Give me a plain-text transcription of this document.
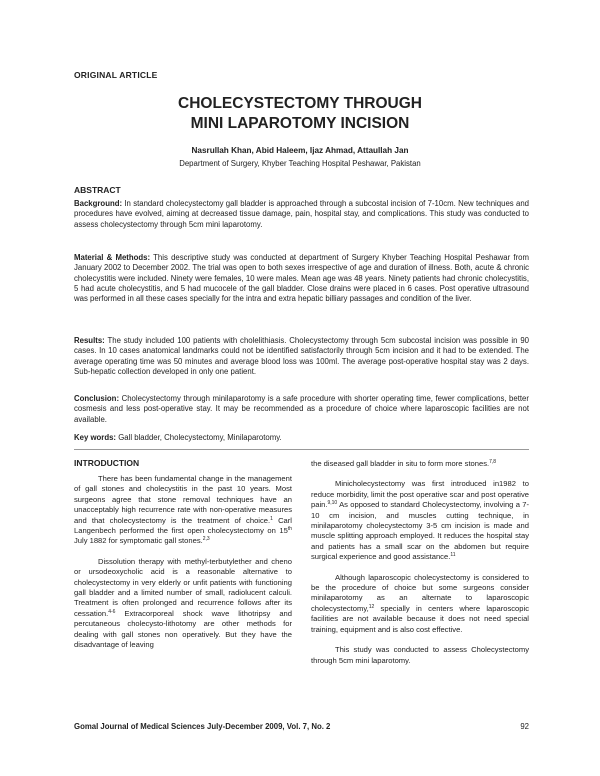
ORIGINAL ARTICLE
CHOLECYSTECTOMY THROUGH
MINI LAPAROTOMY INCISION
Nasrullah Khan, Abid Haleem, Ijaz Ahmad, Attaullah Jan
Department of Surgery, Khyber Teaching Hospital Peshawar, Pakistan
ABSTRACT
Background: In standard cholecystectomy gall bladder is approached through a subcostal incision of 7-10cm. New techniques and procedures have evolved, aiming at decreased tissue damage, pain, hospital stay, and complications. This study was conducted to assess cholecystectomy through 5cm mini laparotomy.
Material & Methods: This descriptive study was conducted at department of Surgery Khyber Teaching Hospital Peshawar from January 2002 to December 2002. The trial was open to both sexes irrespective of age and duration of illness. Both, acute & chronic cholecystitis were included. Ninety were females, 10 were males. Mean age was 48 years. Ninety patients had chronic cholecystitis, 5 had acute cholecystitis, and 5 had mucocele of the gall bladder. Close drains were placed in 6 cases. Post operative ultrasound was performed in all these cases specially for the intra and extra hepatic billiary passages and condition of the liver.
Results: The study included 100 patients with cholelithiasis. Cholecystectomy through 5cm subcostal incision was possible in 90 cases. In 10 cases anatomical landmarks could not be identified satisfactorily through 5cm incision and it had to be extended. The average operating time was 50 minutes and average blood loss was 100ml. The average post-operative hospital stay was 2 days. Sub-hepatic collection developed in only one patient.
Conclusion: Cholecystectomy through minilaparotomy is a safe procedure with shorter operating time, fewer complications, better cosmesis and less post-operative stay. It may be recommended as a procedure of choice where laparoscopic facilities are not available.
Key words: Gall bladder, Cholecystectomy, Minilaparotomy.
INTRODUCTION

There has been fundamental change in the management of gall stones and cholecystitis in the past 10 years. Most surgeons agree that stone removal techniques have an unacceptably high recurrence rate with non-operative measures and that cholecystectomy is the treatment of choice.$^1$ Carl Langenbech performed the first open cholecystectomy on 15th July 1882 for symptomatic gall stones.$^{2,3}$

Dissolution therapy with methyl-terbutylether and cheno or ursodeoxycholic acid is a reasonable alternative to cholecystectomy in very elderly or unfit patients with functioning gall bladder and a limited number of small, radiolucent calculi. Treatment is often prolonged and recurrence follows after its cessation.$^{4-6}$ Extracorporeal shock wave lithotripsy and percutaneous cholecysto-lithotomy are other methods for dealing with gall stones non operatively. But they have the disadvantage of leaving

the diseased gall bladder in situ to form more stones.$^{7,8}$

Minicholecystectomy was first introduced in1982 to reduce morbidity, limit the post operative scar and post operative pain.$^{9,10}$ As opposed to standard Cholecystectomy, involving a 7-10 cm incision, and muscles cutting technique, in minilaparotomy cholecystectomy 3-5 cm incision is made and muscle splitting approach employed. It reduces the hospital stay and patients has a small scar on the abdomen but require surgical experience and good assistance.$^{11}$

Although laparoscopic cholecystectomy is considered to be the procedure of choice but some surgeons consider minilaparotomy as an alternate to laparoscopic cholecystectomy,$^{12}$ specially in centers where laparoscopic facilities are not available because it does not need special training, equipment and is also cost effective.

This study was conducted to assess Cholecystectomy through 5cm mini laparotomy.

Gomal Journal of Medical Sciences July-December 2009, Vol. 7, No. 2	92
